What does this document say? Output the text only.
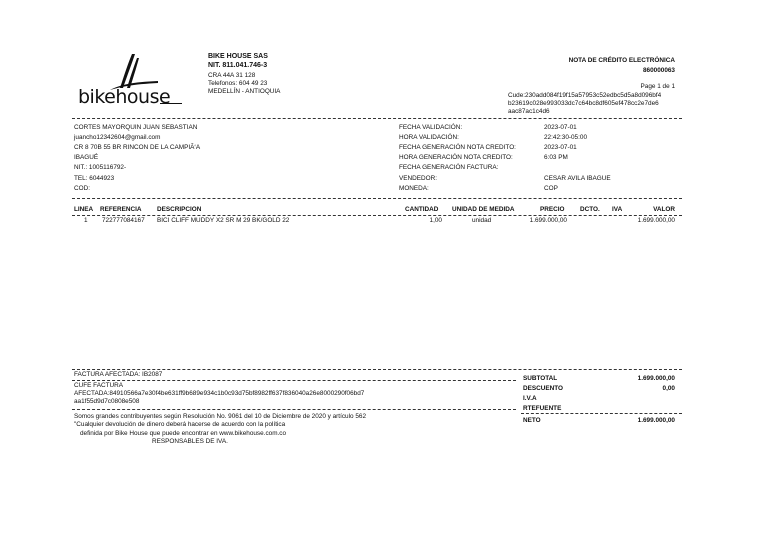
bikehouse
BIKE HOUSE SAS
NIT. 811.041.746-3
CRA 44A 31 128
Telefonos: 604 49 23
MEDELLÍN - ANTIOQUIA
NOTA DE CRÉDITO ELECTRÓNICA
860000063
Page 1 de 1
Cude:230add084f19f15a57953c52edbc5d5a8d096bf4
b23619c028e993033dc7c64bc8df605ef478cc2e7de6
aac87ac1c4d6
CORTES MAYORQUIN JUAN SEBASTIAN
juancho12342604@gmail.com
CR 8 70B 55 BR RINCON DE LA CAMPIÃ‘A
IBAGUÉ
NIT.: 1005116792-
TEL: 6044923
COD:
FECHA VALIDACIÓN:	2023-07-01
HORA VALIDACIÓN:	22:42:30-05:00
FECHA GENERACIÓN NOTA CREDITO:	2023-07-01
HORA GENERACIÓN NOTA CREDITO:	6:03 PM
FECHA GENERACIÓN FACTURA:
VENDEDOR:	CESAR AVILA IBAGUE
MONEDA:	COP
LINEA REFERENCIA DESCRIPCION	CANTIDAD UNIDAD DE MEDIDA	PRECIO DCTO. IVA	VALOR
1 722777084167 BICI CLIFF MUDDY X2 SR M 29 BK/GOLD 22	1,00	unidad	1.699.000,00	1.699.000,00
FACTURA AFECTADA: IB2087
CUFE FACTURA
AFECTADA:84910566a7e30f4be631ff9b689e934c1b0c93d75bf8982ff637f836040a26e8000290f06bd7
aa1f55d9d7c0808e508
Somos grandes contribuyentes según Resolución No. 9061 del 10 de Diciembre de 2020 y artículo 562
"Cualquier devolución de dinero deberá hacerse de acuerdo con la política
definida por Bike House que puede encontrar en www.bikehouse.com.co
RESPONSABLES DE IVA.
SUBTOTAL	1.699.000,00
DESCUENTO	0,00
I.V.A
RTEFUENTE
NETO	1.699.000,00
